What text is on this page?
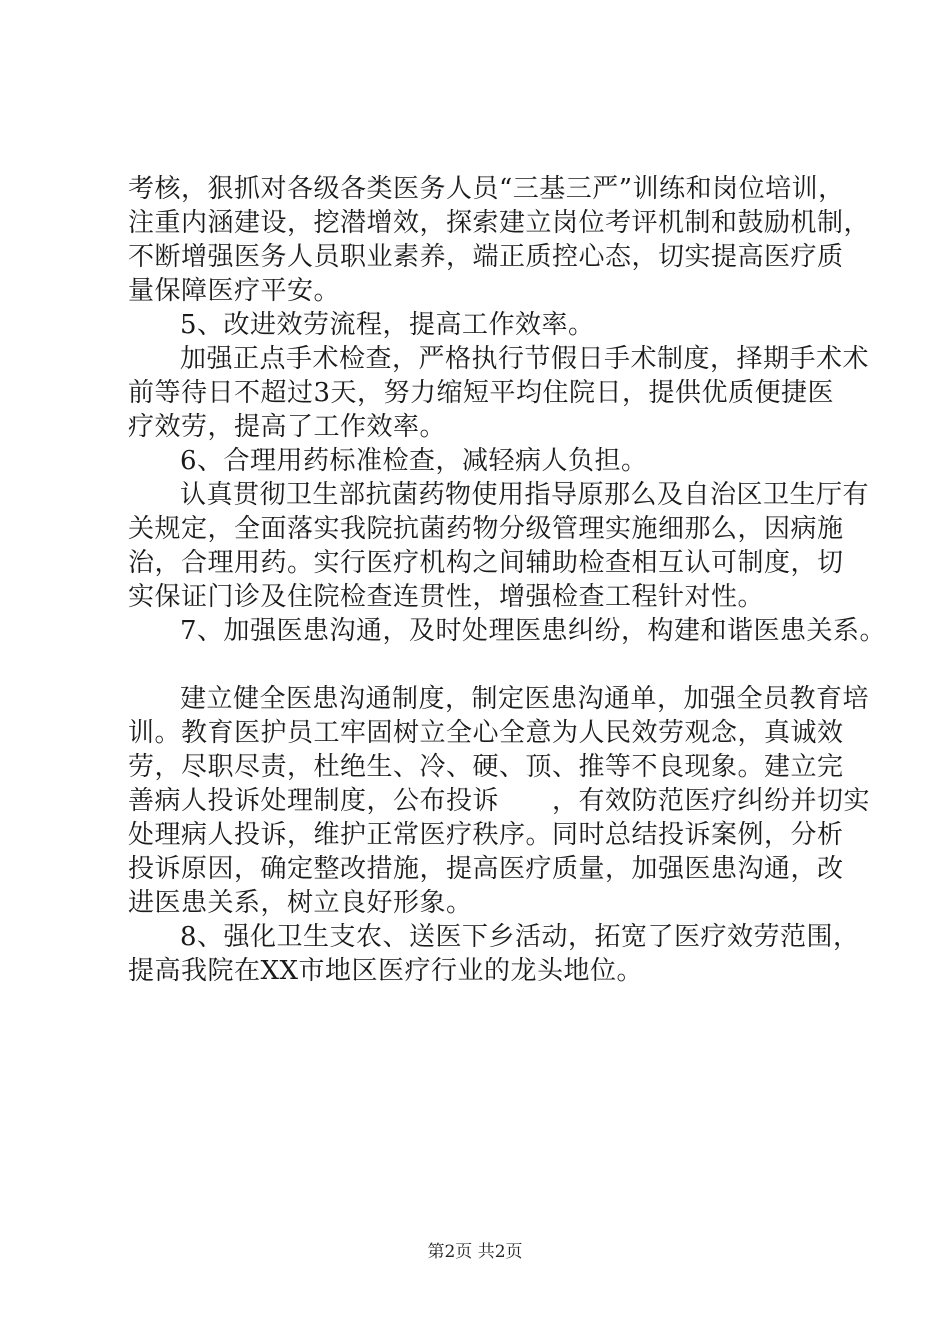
考核，狠抓对各级各类医务人员“三基三严”训练和岗位培训，
注重内涵建设，挖潜增效，探索建立岗位考评机制和鼓励机制，
不断增强医务人员职业素养，端正质控心态，切实提高医疗质
量保障医疗平安。
5、改进效劳流程，提高工作效率。
加强正点手术检查，严格执行节假日手术制度，择期手术术
前等待日不超过3天，努力缩短平均住院日，提供优质便捷医
疗效劳，提高了工作效率。
6、合理用药标准检查，减轻病人负担。
认真贯彻卫生部抗菌药物使用指导原那么及自治区卫生厅有
关规定，全面落实我院抗菌药物分级管理实施细那么，因病施
治，合理用药。实行医疗机构之间辅助检查相互认可制度，切
实保证门诊及住院检查连贯性，增强检查工程针对性。
7、加强医患沟通，及时处理医患纠纷，构建和谐医患关系。
建立健全医患沟通制度，制定医患沟通单，加强全员教育培
训。教育医护员工牢固树立全心全意为人民效劳观念，真诚效
劳，尽职尽责，杜绝生、冷、硬、顶、推等不良现象。建立完
善病人投诉处理制度，公布投诉　　，有效防范医疗纠纷并切实
处理病人投诉，维护正常医疗秩序。同时总结投诉案例，分析
投诉原因，确定整改措施，提高医疗质量，加强医患沟通，改
进医患关系，树立良好形象。
8、强化卫生支农、送医下乡活动，拓宽了医疗效劳范围，
提高我院在XX市地区医疗行业的龙头地位。
第2页 共2页
